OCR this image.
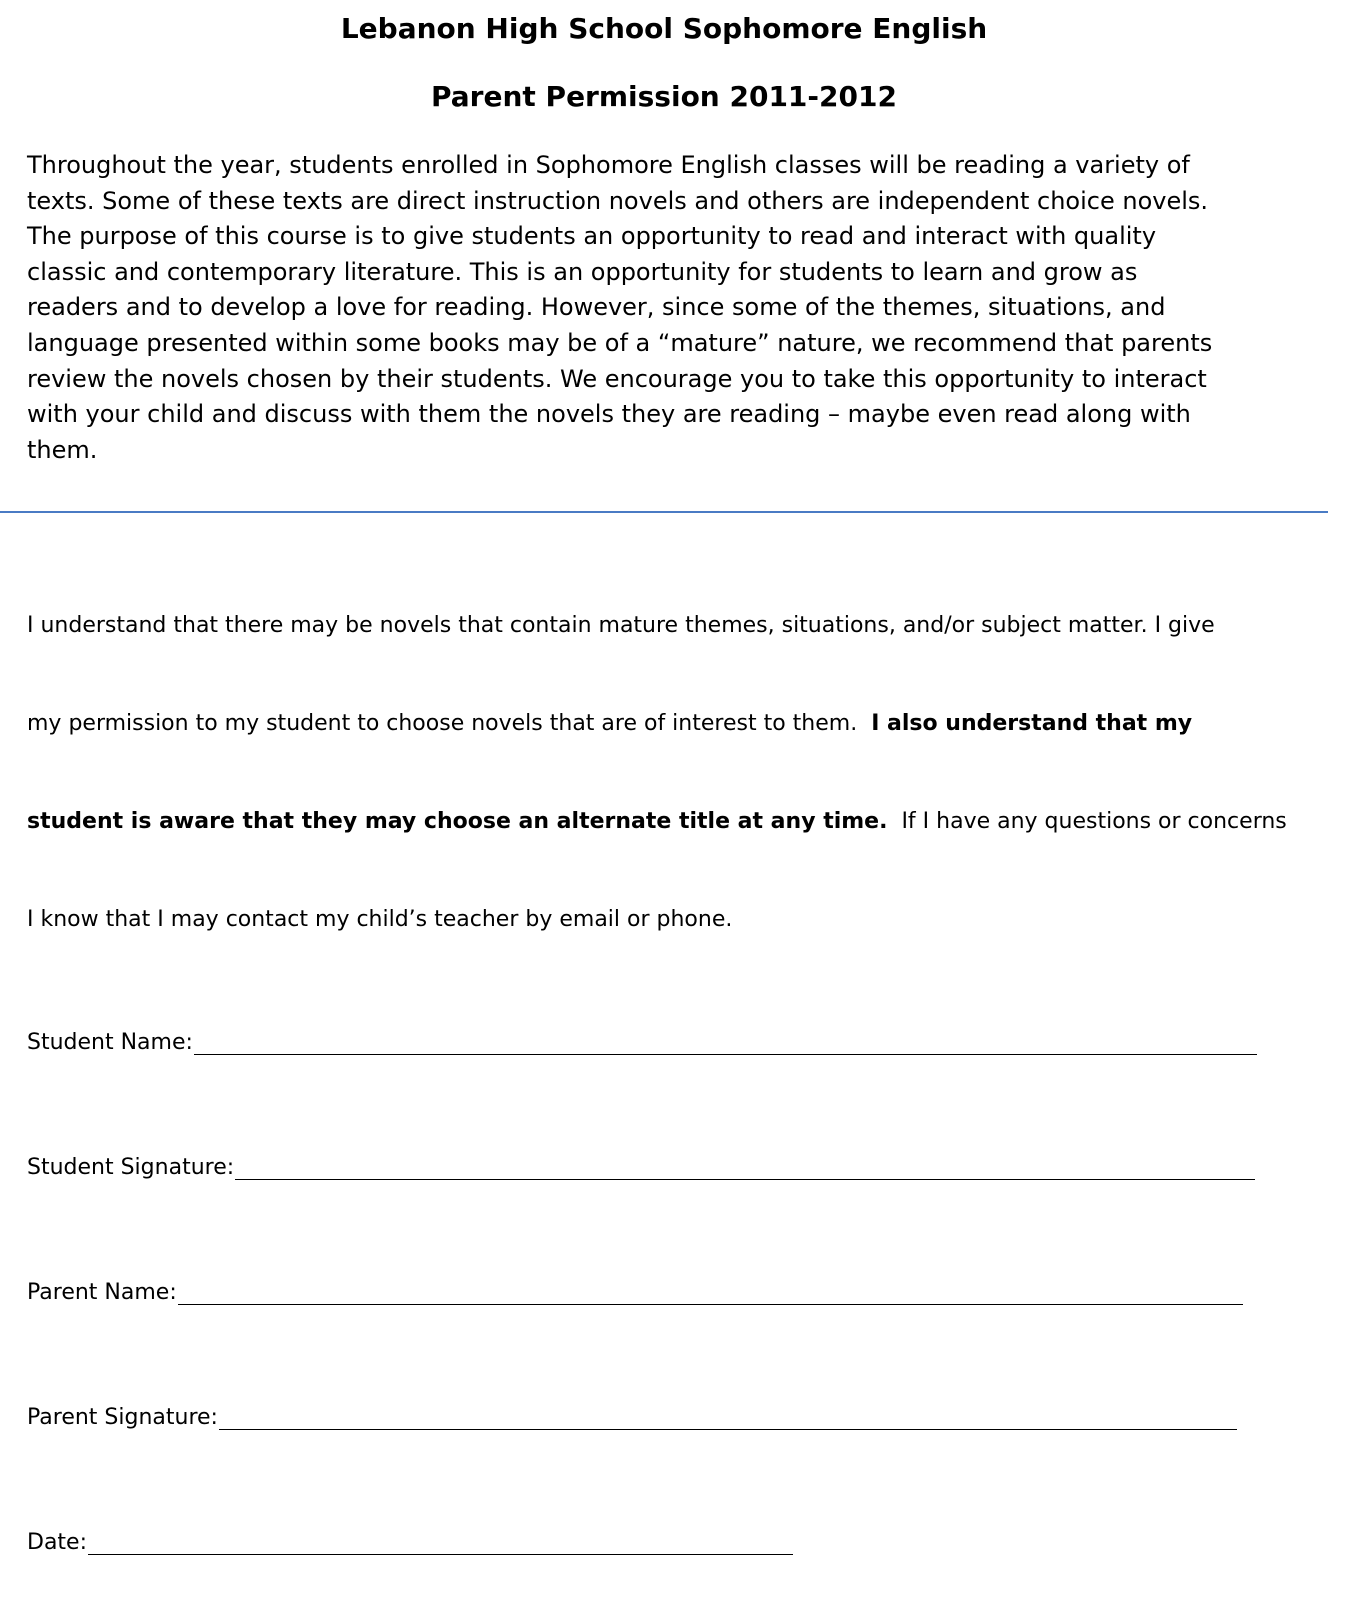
Lebanon High School Sophomore English
Parent Permission 2011-2012
Throughout the year, students enrolled in Sophomore English classes will be reading a variety of
texts. Some of these texts are direct instruction novels and others are independent choice novels.
The purpose of this course is to give students an opportunity to read and interact with quality
classic and contemporary literature. This is an opportunity for students to learn and grow as
readers and to develop a love for reading. However, since some of the themes, situations, and
language presented within some books may be of a “mature” nature, we recommend that parents
review the novels chosen by their students. We encourage you to take this opportunity to interact
with your child and discuss with them the novels they are reading – maybe even read along with
them.
I understand that there may be novels that contain mature themes, situations, and/or subject matter. I give
my permission to my student to choose novels that are of interest to them.  I also understand that my
student is aware that they may choose an alternate title at any time.  If I have any questions or concerns
I know that I may contact my child’s teacher by email or phone.
Student Name:
Student Signature:
Parent Name:
Parent Signature:
Date:
